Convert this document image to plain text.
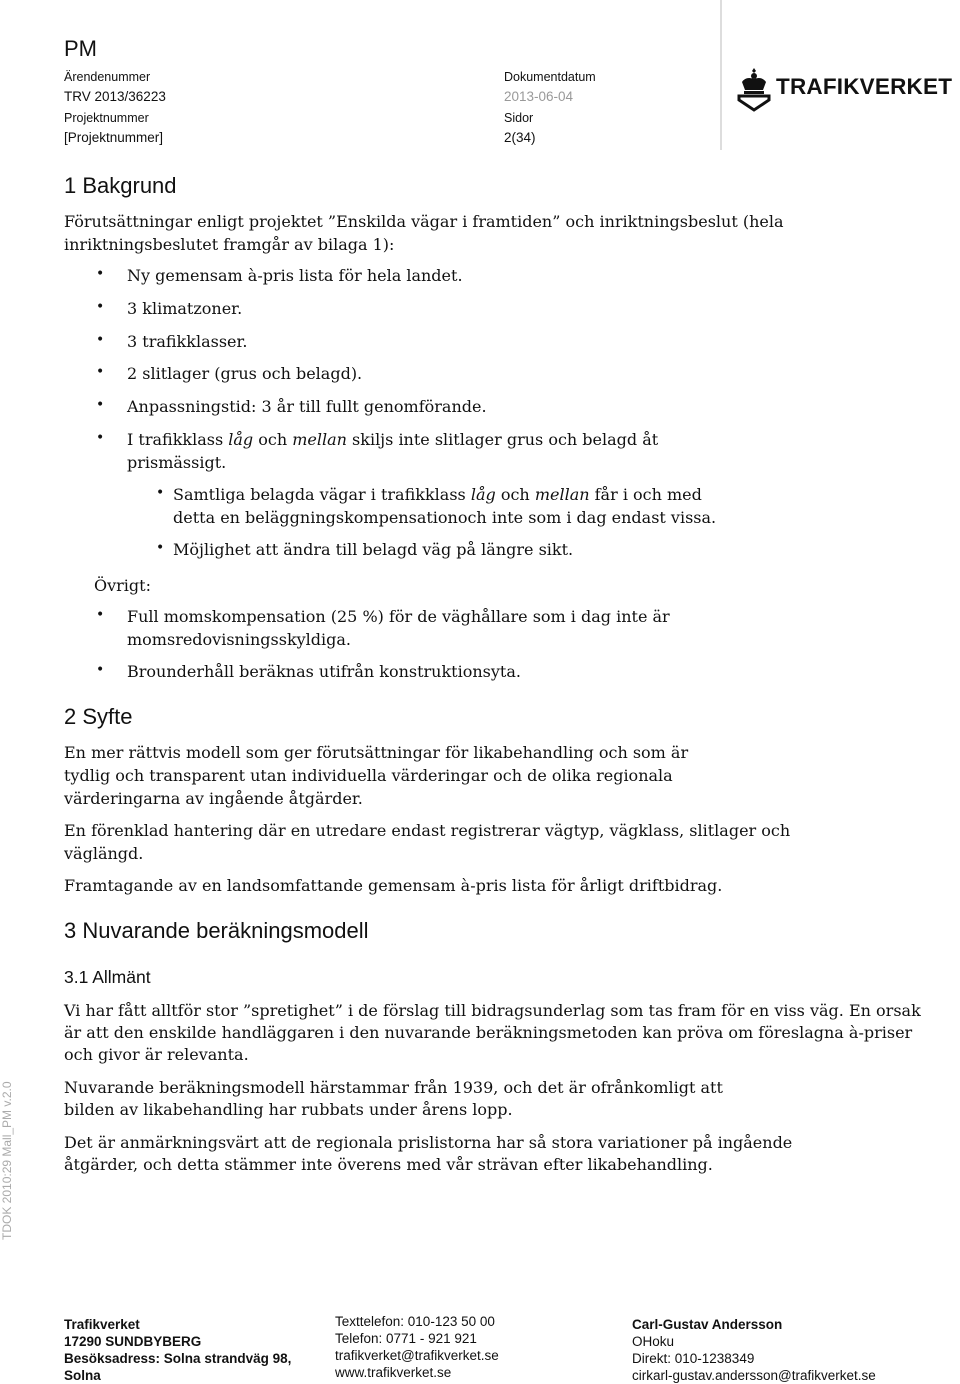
PM
Ärendenummer
TRV 2013/36223
Projektnummer
[Projektnummer]
Dokumentdatum
2013-06-04
Sidor
2(34)
TRAFIKVERKET
1 Bakgrund
Förutsättningar enligt projektet ”Enskilda vägar i framtiden” och inriktningsbeslut (hela
inriktningsbeslutet framgår av bilaga 1):
• Ny gemensam à-pris lista för hela landet.
• 3 klimatzoner.
• 3 trafikklasser.
• 2 slitlager (grus och belagd).
• Anpassningstid: 3 år till fullt genomförande.
• I trafikklass låg och mellan skiljs inte slitlager grus och belagd åt
prismässigt.
• Samtliga belagda vägar i trafikklass låg och mellan får i och med
detta en beläggningskompensationoch inte som i dag endast vissa.
• Möjlighet att ändra till belagd väg på längre sikt.
Övrigt:
• Full momskompensation (25 %) för de väghållare som i dag inte är
momsredovisningsskyldiga.
• Brounderhåll beräknas utifrån konstruktionsyta.
2 Syfte
En mer rättvis modell som ger förutsättningar för likabehandling och som är
tydlig och transparent utan individuella värderingar och de olika regionala
värderingarna av ingående åtgärder.
En förenklad hantering där en utredare endast registrerar vägtyp, vägklass, slitlager och
väglängd.
Framtagande av en landsomfattande gemensam à-pris lista för årligt driftbidrag.
3 Nuvarande beräkningsmodell
3.1 Allmänt
Vi har fått alltför stor ”spretighet” i de förslag till bidragsunderlag som tas fram för en viss väg. En orsak
är att den enskilde handläggaren i den nuvarande beräkningsmetoden kan pröva om föreslagna à-priser
och givor är relevanta.
Nuvarande beräkningsmodell härstammar från 1939, och det är ofrånkomligt att
bilden av likabehandling har rubbats under årens lopp.
Det är anmärkningsvärt att de regionala prislistorna har så stora variationer på ingående
åtgärder, och detta stämmer inte överens med vår strävan efter likabehandling.
TDOK 2010:29 Mall_PM v.2.0
Trafikverket
17290 SUNDBYBERG
Besöksadress: Solna strandväg 98,
Solna
Texttelefon: 010-123 50 00
Telefon: 0771 - 921 921
trafikverket@trafikverket.se
www.trafikverket.se
Carl-Gustav Andersson
OHoku
Direkt: 010-1238349
cirkarl-gustav.andersson@trafikverket.se
